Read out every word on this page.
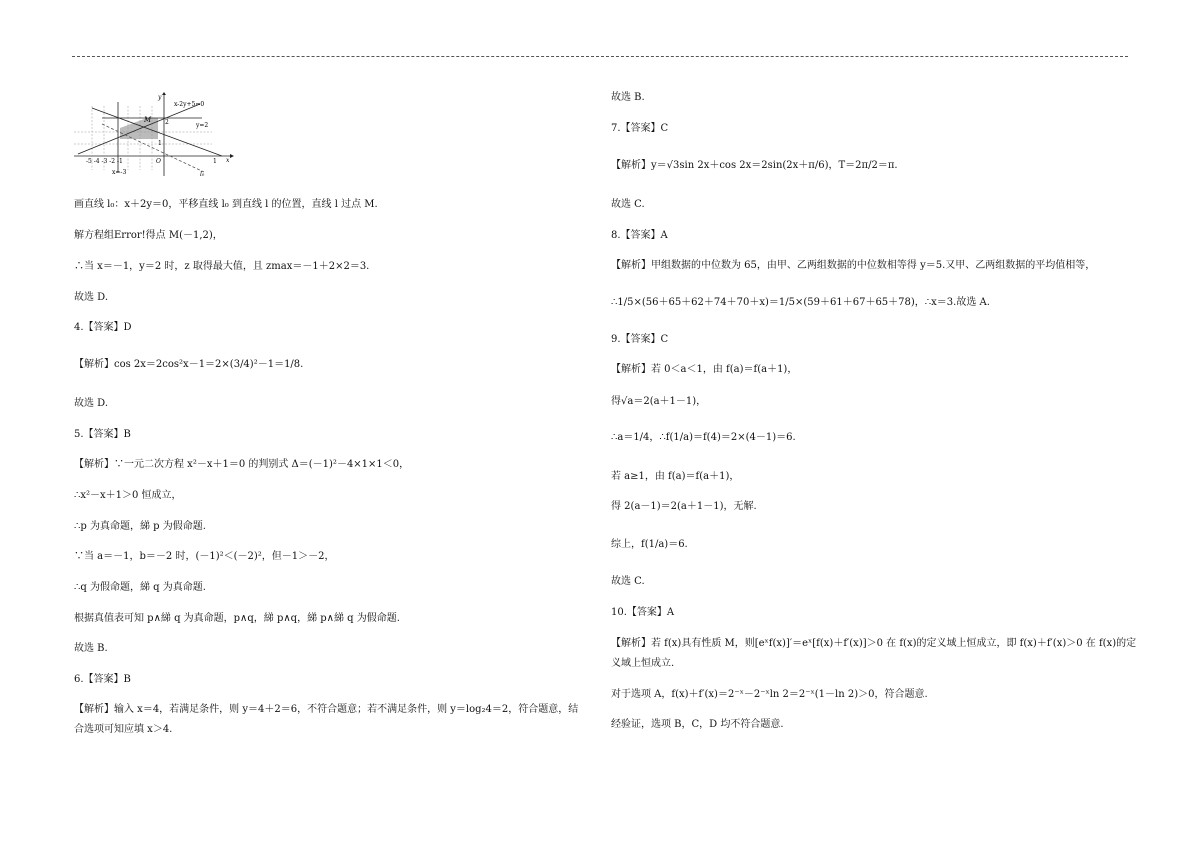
x-2y+5=0
y=2
M
y
2
1
x
O
-5 -4 -3 -2 -1	1
x=-3	l₀
画直线 l₀：x＋2y＝0，平移直线 l₀ 到直线 l 的位置，直线 l 过点 M.
解方程组Error!得点 M(－1,2)，
∴当 x＝－1，y＝2 时，z 取得最大值，且 zmax＝－1＋2×2＝3.
故选 D.
4.【答案】D
【解析】cos 2x＝2cos²x－1＝2×(3/4)²－1＝1/8.
故选 D.
5.【答案】B
【解析】∵一元二次方程 x²－x＋1＝0 的判别式 Δ＝(－1)²－4×1×1＜0，
∴x²－x＋1＞0 恒成立，
∴p 为真命题，綈 p 为假命题.
∵当 a＝－1，b＝－2 时，(－1)²＜(－2)²，但－1＞－2，
∴q 为假命题，綈 q 为真命题.
根据真值表可知 p∧綈 q 为真命题，p∧q，綈 p∧q，綈 p∧綈 q 为假命题.
故选 B.
6.【答案】B
【解析】输入 x＝4，若满足条件，则 y＝4＋2＝6，不符合题意；若不满足条件，则 y＝log₂4＝2，符合题意，结
合选项可知应填 x＞4.
故选 B.
7.【答案】C
【解析】y＝√3sin 2x＋cos 2x＝2sin(2x＋π/6)，T＝2π/2＝π.
故选 C.
8.【答案】A
【解析】甲组数据的中位数为 65，由甲、乙两组数据的中位数相等得 y＝5.又甲、乙两组数据的平均值相等，
∴1/5×(56＋65＋62＋74＋70＋x)＝1/5×(59＋61＋67＋65＋78)，∴x＝3.故选 A.
9.【答案】C
【解析】若 0＜a＜1，由 f(a)＝f(a＋1)，
得√a＝2(a＋1－1)，
∴a＝1/4，∴f(1/a)＝f(4)＝2×(4－1)＝6.
若 a≥1，由 f(a)＝f(a＋1)，
得 2(a－1)＝2(a＋1－1)，无解.
综上，f(1/a)＝6.
故选 C.
10.【答案】A
【解析】若 f(x)具有性质 M，则[eˣf(x)]′＝eˣ[f(x)＋f′(x)]＞0 在 f(x)的定义域上恒成立，即 f(x)＋f′(x)＞0 在 f(x)的定
义域上恒成立.
对于选项 A，f(x)＋f′(x)＝2⁻ˣ－2⁻ˣln 2＝2⁻ˣ(1－ln 2)＞0，符合题意.
经验证，选项 B，C，D 均不符合题意.
